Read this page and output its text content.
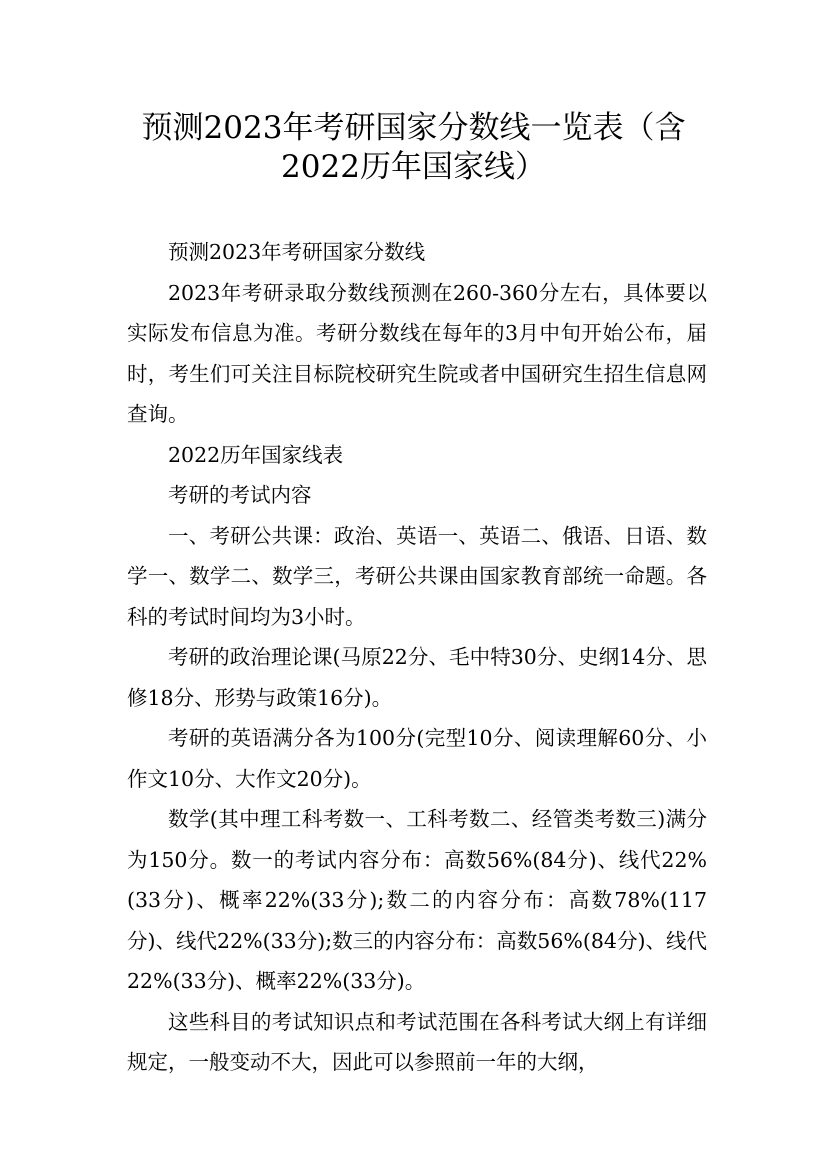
预测2023年考研国家分数线一览表（含
2022历年国家线）

预测2023年考研国家分数线

2023年考研录取分数线预测在260-360分左右，具体要以实际发布信息为准。考研分数线在每年的3月中旬开始公布，届时，考生们可关注目标院校研究生院或者中国研究生招生信息网查询。

2022历年国家线表

考研的考试内容

一、考研公共课：政治、英语一、英语二、俄语、日语、数学一、数学二、数学三，考研公共课由国家教育部统一命题。各科的考试时间均为3小时。

考研的政治理论课(马原22分、毛中特30分、史纲14分、思修18分、形势与政策16分)。

考研的英语满分各为100分(完型10分、阅读理解60分、小作文10分、大作文20分)。

数学(其中理工科考数一、工科考数二、经管类考数三)满分为150分。数一的考试内容分布：高数56%(84分)、线代22%(33分)、概率22%(33分);数二的内容分布：高数78%(117分)、线代22%(33分);数三的内容分布：高数56%(84分)、线代22%(33分)、概率22%(33分)。

这些科目的考试知识点和考试范围在各科考试大纲上有详细规定，一般变动不大，因此可以参照前一年的大纲，
